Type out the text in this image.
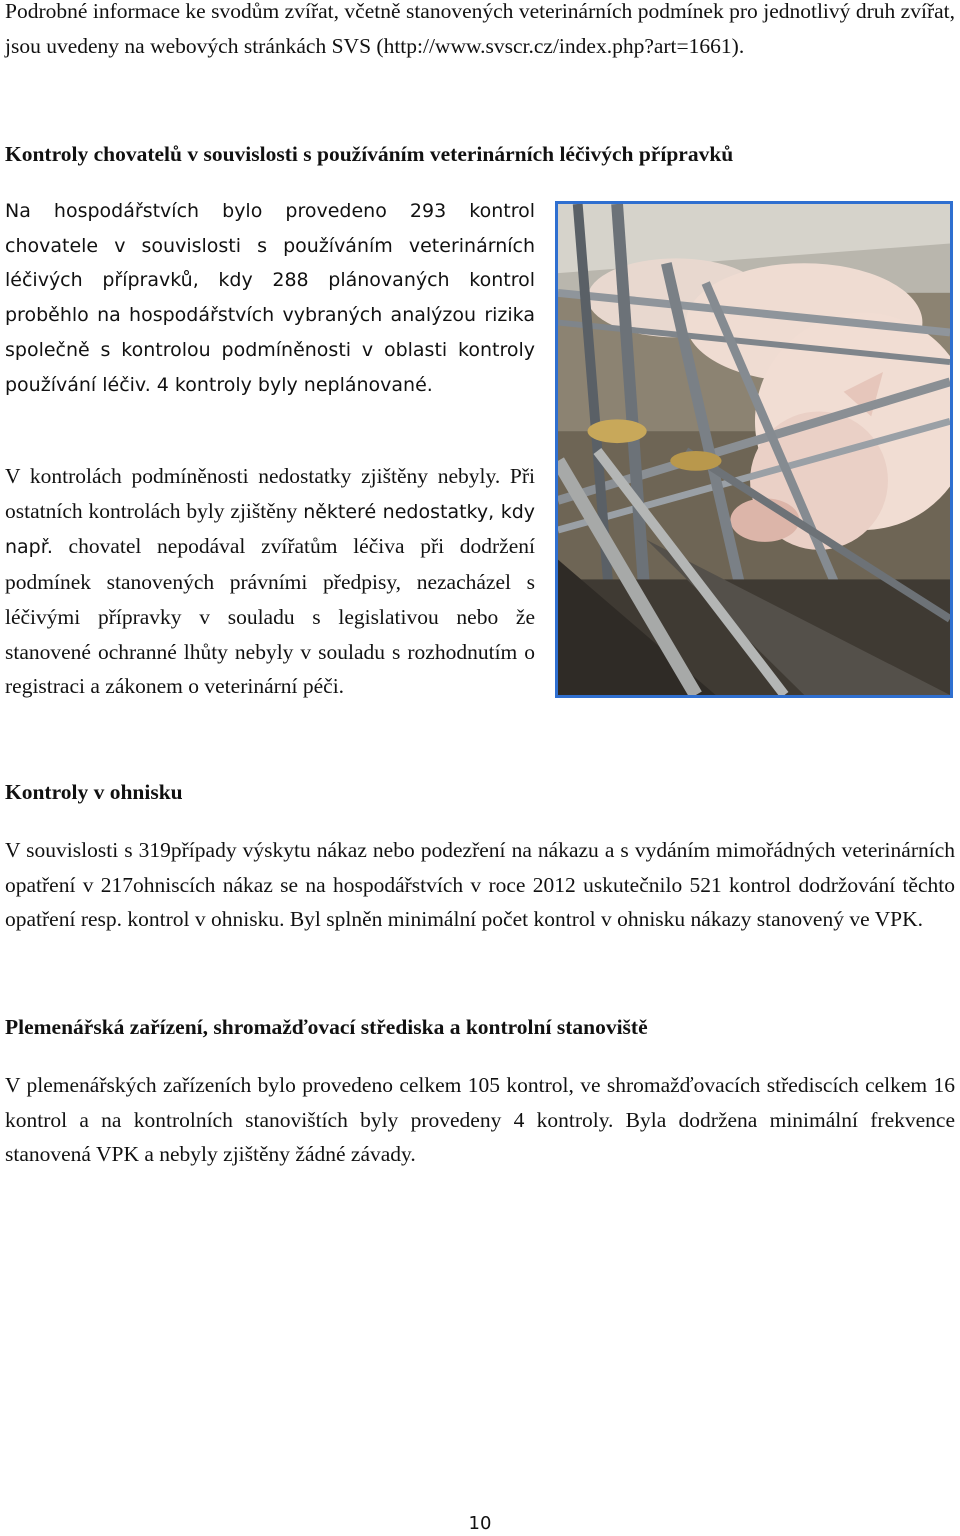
Podrobné informace ke svodům zvířat, včetně stanovených veterinárních podmínek pro jednotlivý druh zvířat, jsou uvedeny na webových stránkách SVS (http://www.svscr.cz/index.php?art=1661).

Kontroly chovatelů v souvislosti s používáním veterinárních léčivých přípravků

Na hospodářstvích bylo provedeno 293 kontrol chovatele v souvislosti s používáním veterinárních léčivých přípravků, kdy 288 plánovaných kontrol proběhlo na hospodářstvích vybraných analýzou rizika společně s kontrolou podmíněnosti v oblasti kontroly používání léčiv. 4 kontroly byly neplánované.

V kontrolách podmíněnosti nedostatky zjištěny nebyly. Při ostatních kontrolách byly zjištěny některé nedostatky, kdy např. chovatel nepodával zvířatům léčiva při dodržení podmínek stanovených právními předpisy, nezacházel s léčivými přípravky v souladu s legislativou nebo že stanovené ochranné lhůty nebyly v souladu s rozhodnutím o registraci a zákonem o veterinární péči.

Kontroly v ohnisku

V souvislosti s 319případy výskytu nákaz nebo podezření na nákazu a s vydáním mimořádných veterinárních opatření v 217ohniscích nákaz se na hospodářstvích v roce 2012 uskutečnilo 521 kontrol dodržování těchto opatření resp. kontrol v ohnisku. Byl splněn minimální počet kontrol v ohnisku nákazy stanovený ve VPK.

Plemenářská zařízení, shromažďovací střediska a kontrolní stanoviště

V plemenářských zařízeních bylo provedeno celkem 105 kontrol, ve shromažďovacích střediscích celkem 16 kontrol a na kontrolních stanovištích byly provedeny 4 kontroly. Byla dodržena minimální frekvence stanovená VPK a nebyly zjištěny žádné závady.

10
